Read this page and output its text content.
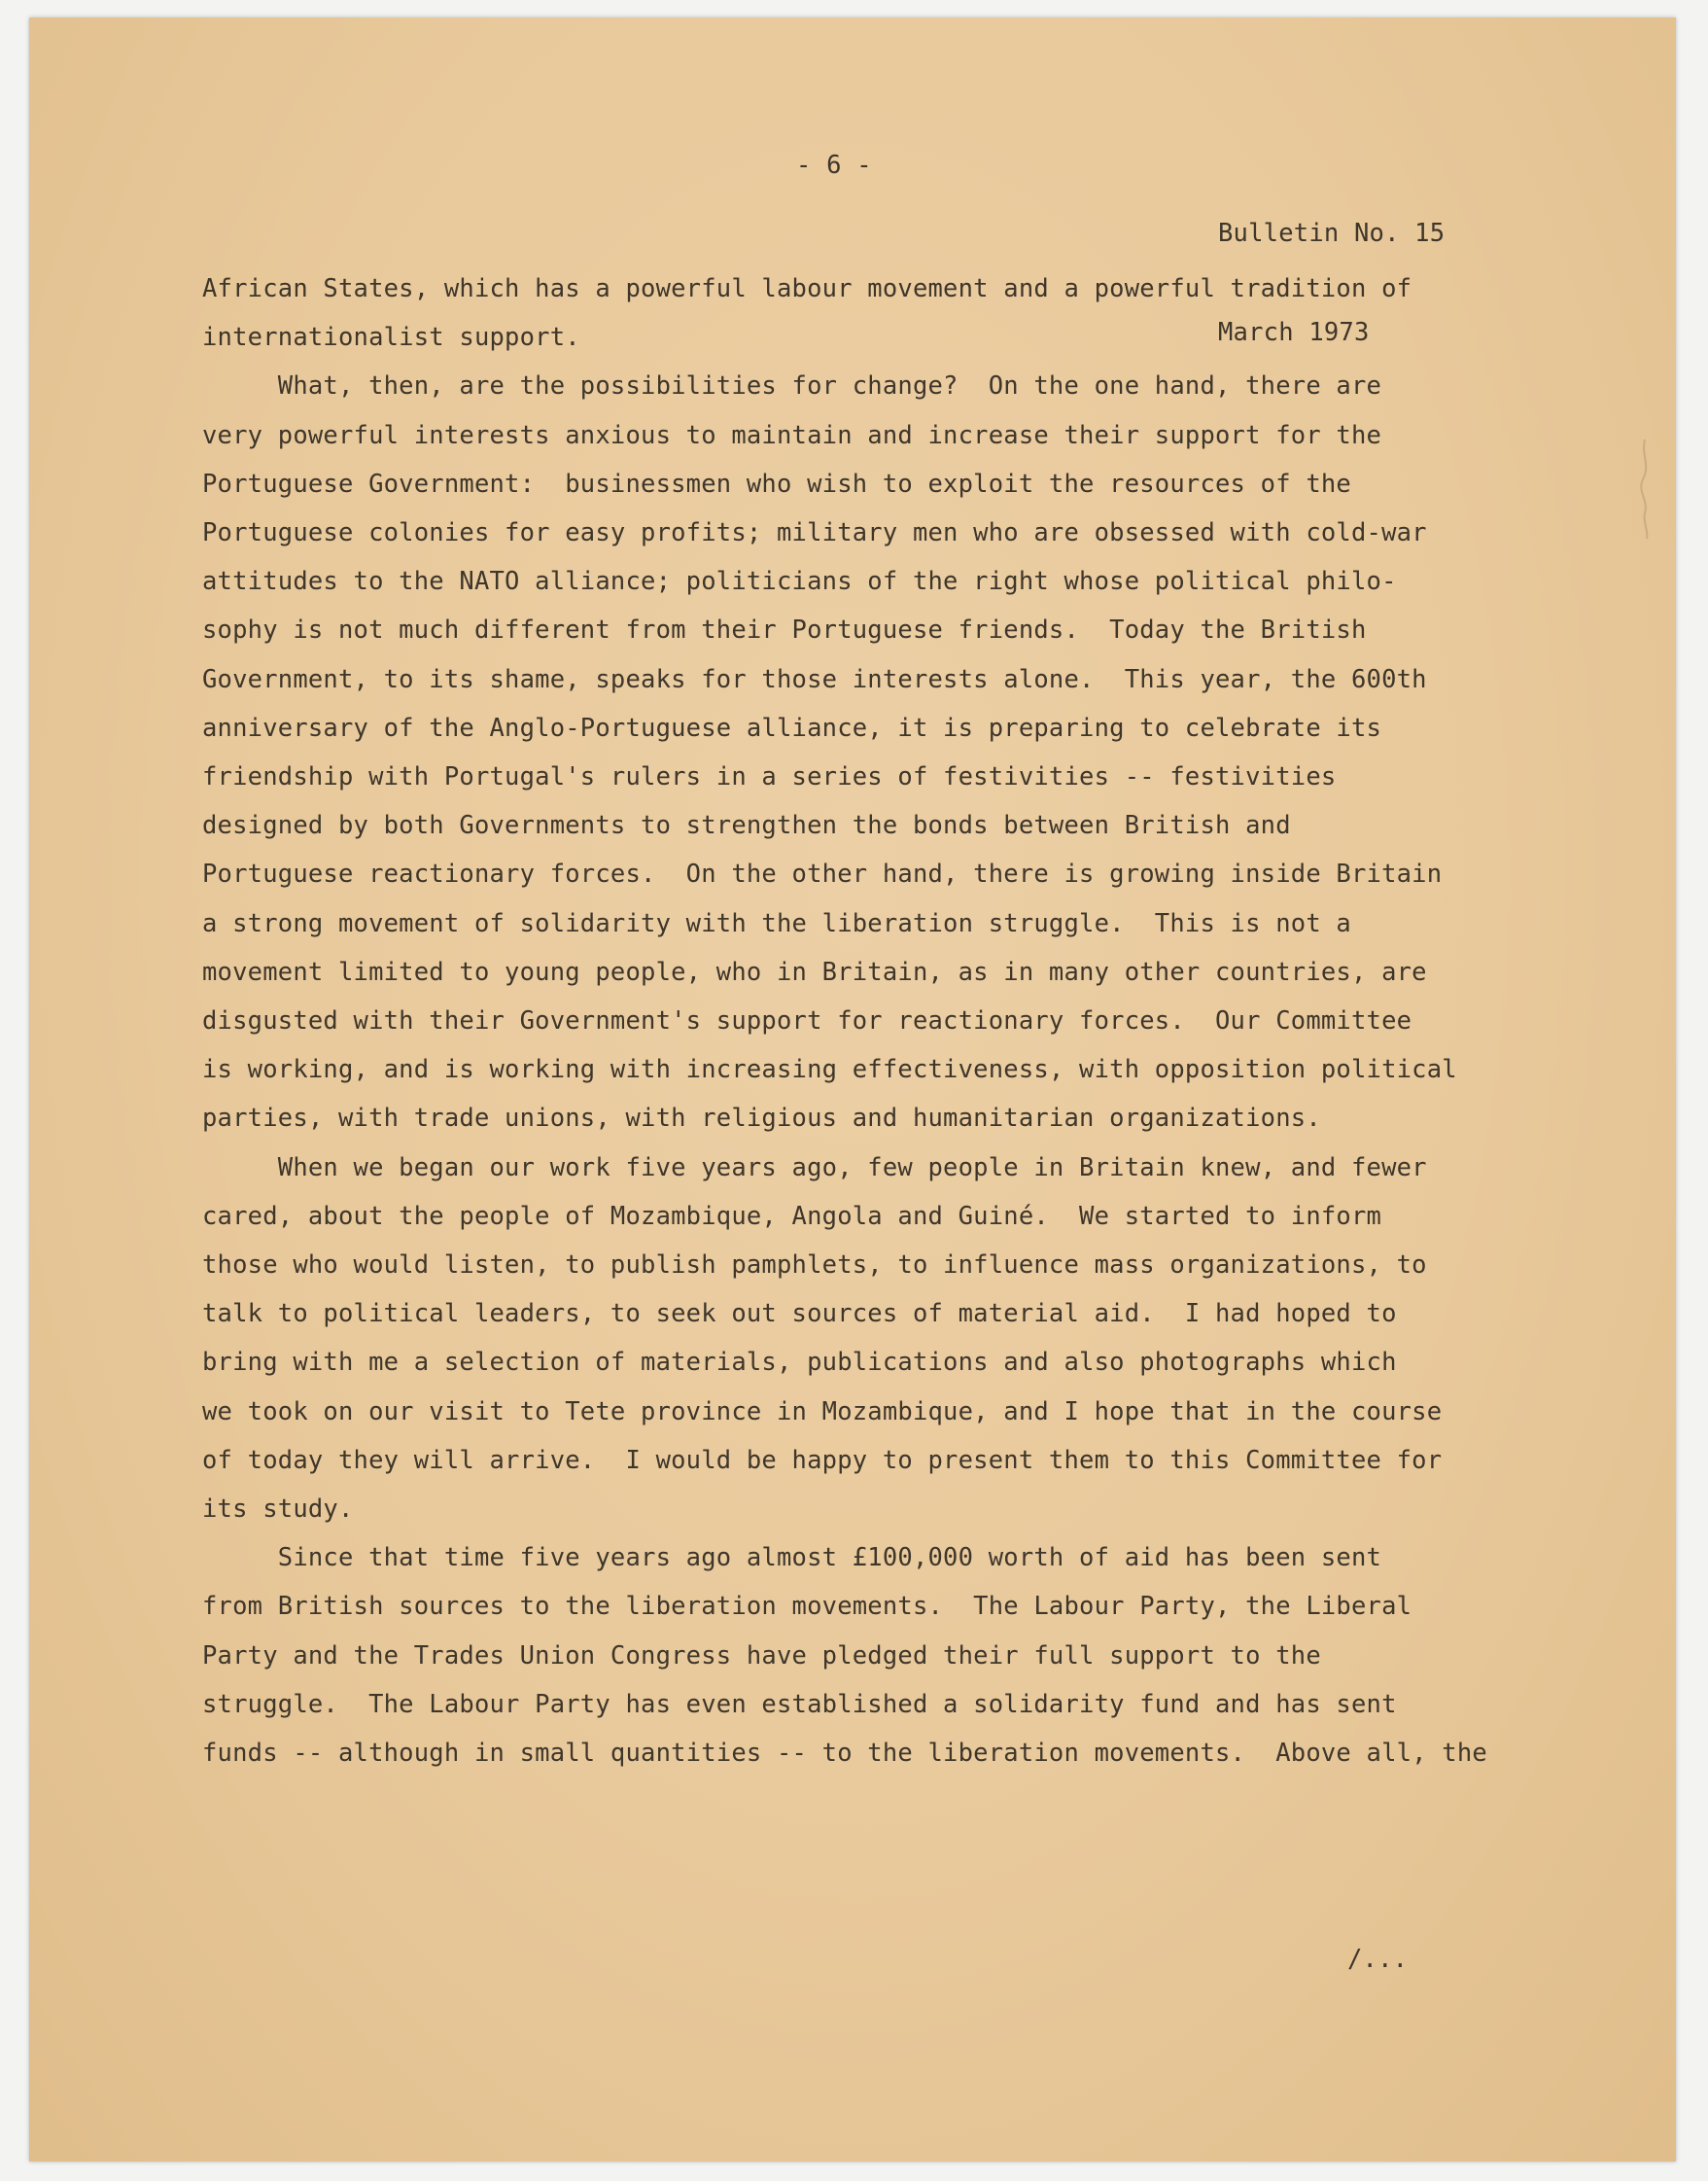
- 6 -

Bulletin No. 15

March 1973

African States, which has a powerful labour movement and a powerful tradition of
internationalist support.
What, then, are the possibilities for change?  On the one hand, there are
very powerful interests anxious to maintain and increase their support for the
Portuguese Government:  businessmen who wish to exploit the resources of the
Portuguese colonies for easy profits; military men who are obsessed with cold-war
attitudes to the NATO alliance; politicians of the right whose political philo-
sophy is not much different from their Portuguese friends.  Today the British
Government, to its shame, speaks for those interests alone.  This year, the 600th
anniversary of the Anglo-Portuguese alliance, it is preparing to celebrate its
friendship with Portugal's rulers in a series of festivities -- festivities
designed by both Governments to strengthen the bonds between British and
Portuguese reactionary forces.  On the other hand, there is growing inside Britain
a strong movement of solidarity with the liberation struggle.  This is not a
movement limited to young people, who in Britain, as in many other countries, are
disgusted with their Government's support for reactionary forces.  Our Committee
is working, and is working with increasing effectiveness, with opposition political
parties, with trade unions, with religious and humanitarian organizations.
When we began our work five years ago, few people in Britain knew, and fewer
cared, about the people of Mozambique, Angola and Guiné.  We started to inform
those who would listen, to publish pamphlets, to influence mass organizations, to
talk to political leaders, to seek out sources of material aid.  I had hoped to
bring with me a selection of materials, publications and also photographs which
we took on our visit to Tete province in Mozambique, and I hope that in the course
of today they will arrive.  I would be happy to present them to this Committee for
its study.
Since that time five years ago almost £100,000 worth of aid has been sent
from British sources to the liberation movements.  The Labour Party, the Liberal
Party and the Trades Union Congress have pledged their full support to the
struggle.  The Labour Party has even established a solidarity fund and has sent
funds -- although in small quantities -- to the liberation movements.  Above all, the
/...
